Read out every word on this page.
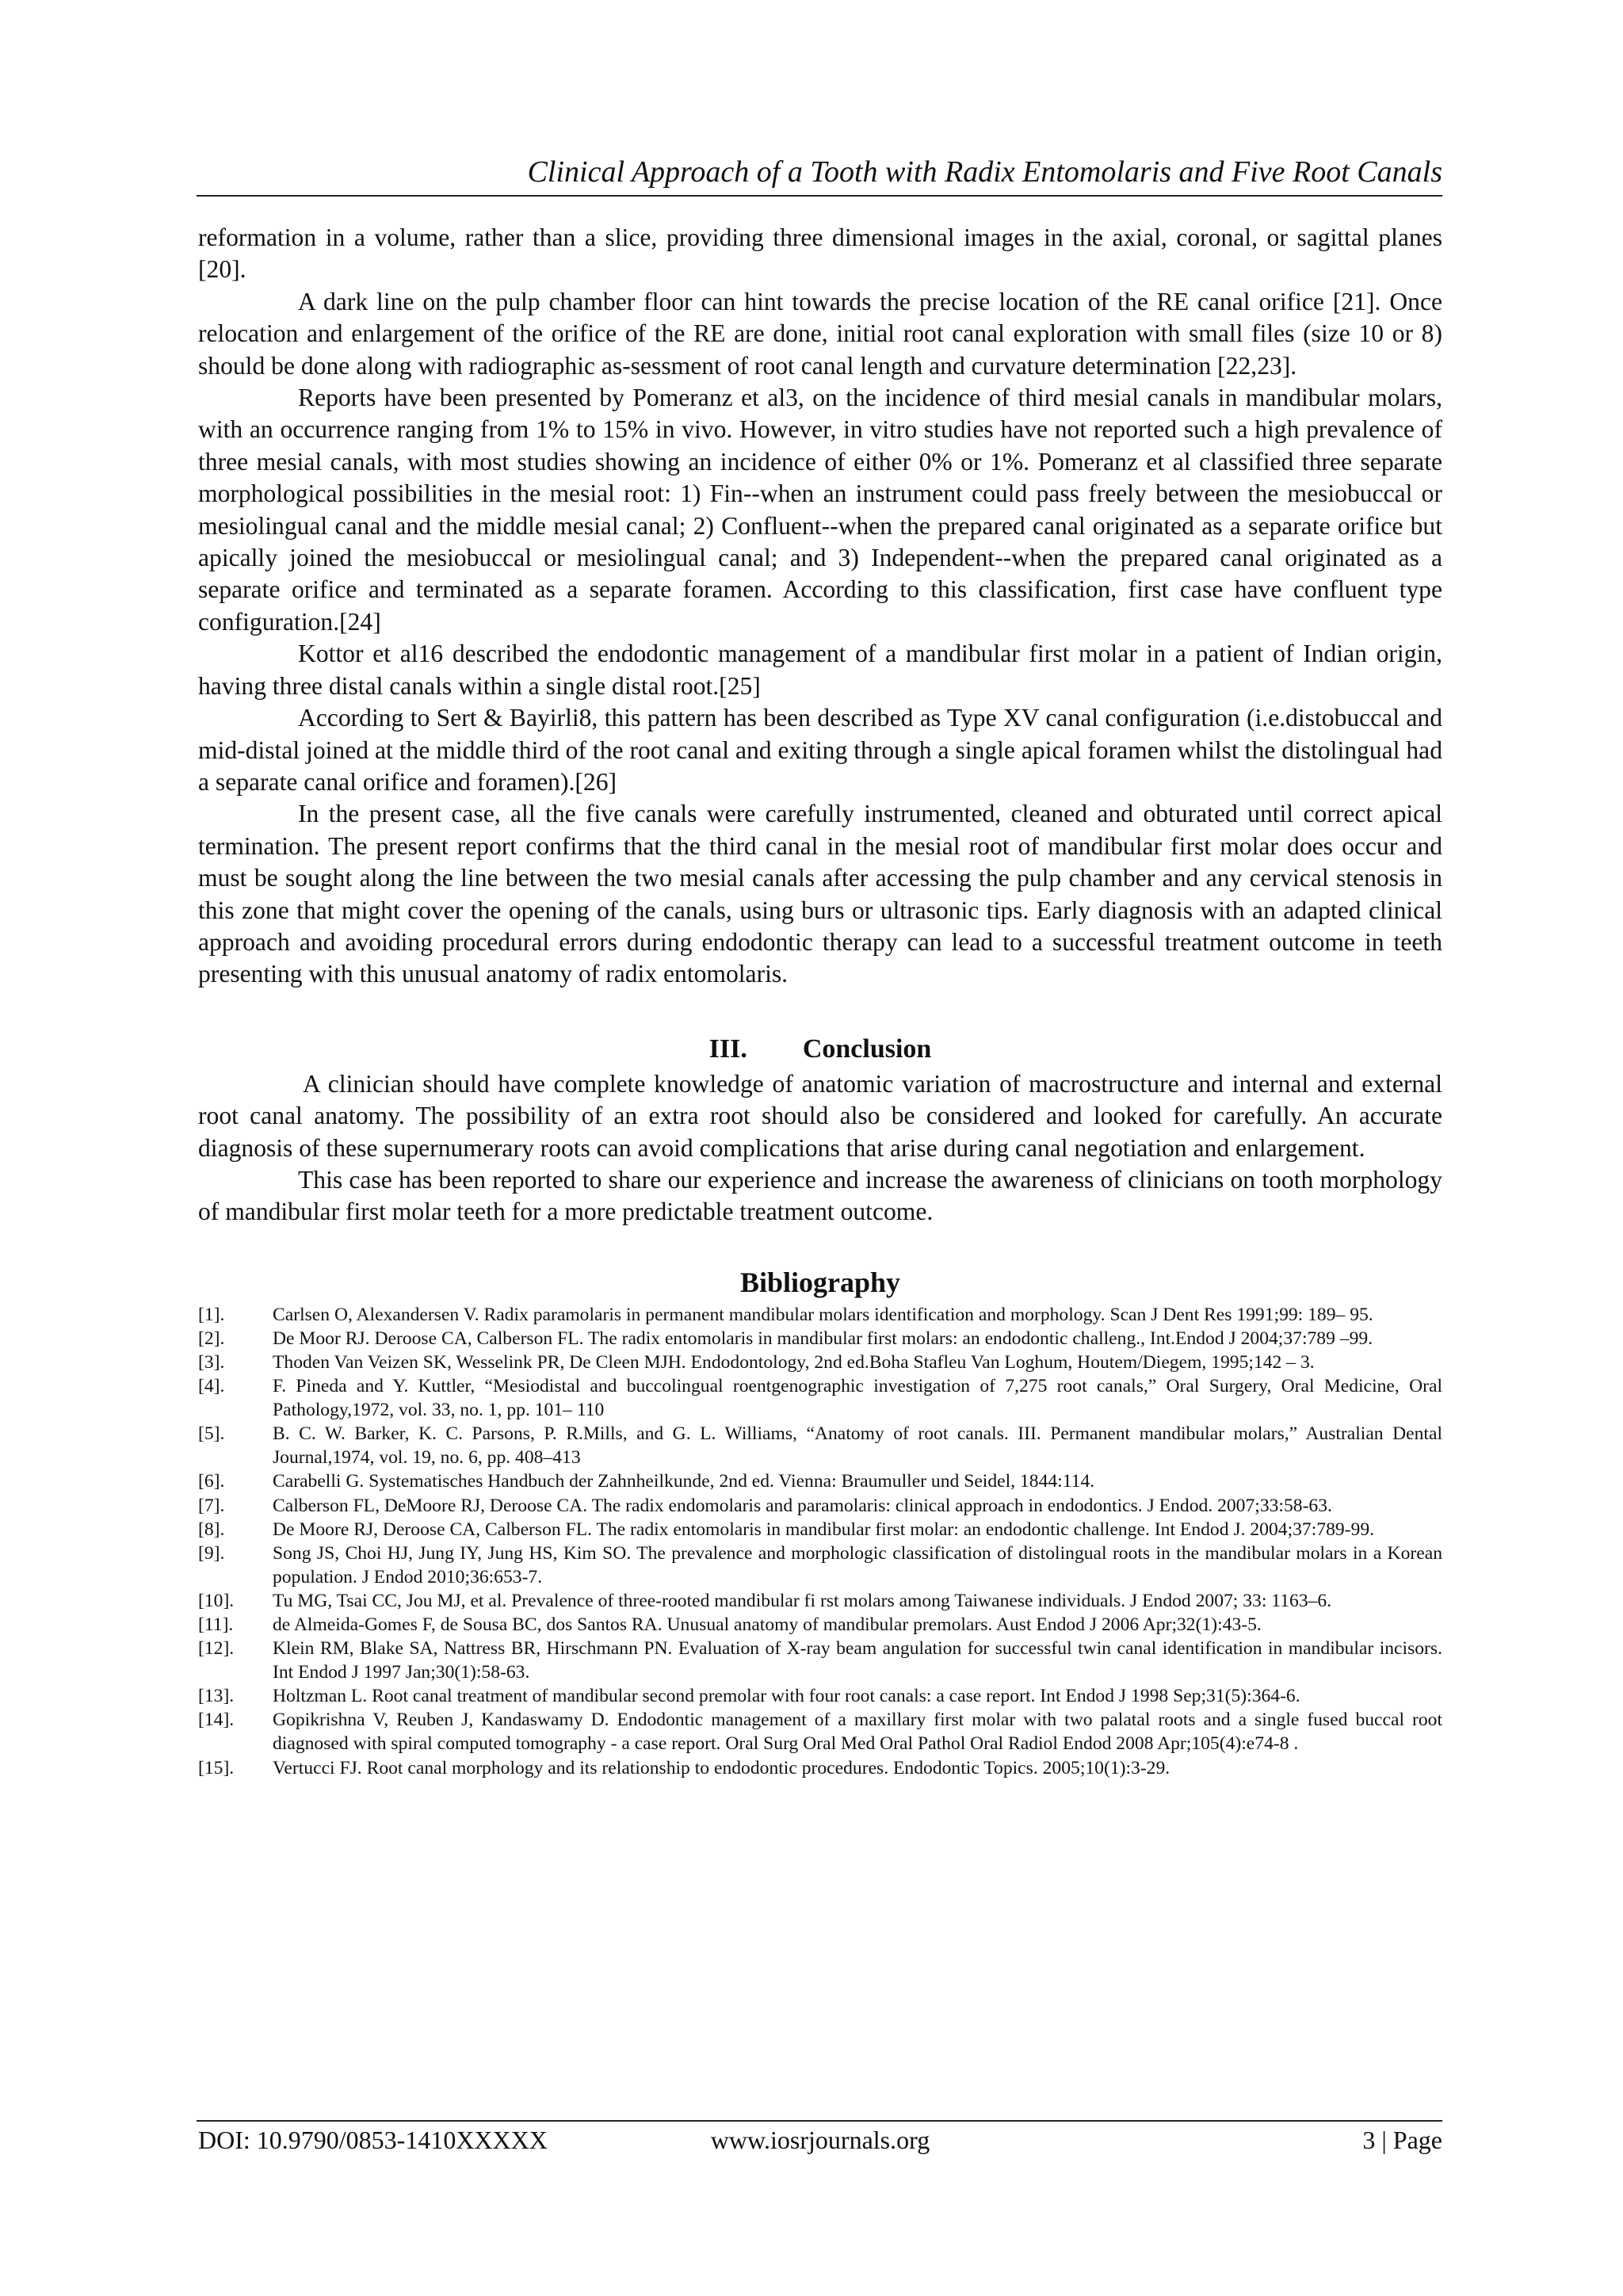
Clinical Approach of a Tooth with Radix Entomolaris and Five Root Canals

reformation in a volume, rather than a slice, providing three dimensional images in the axial, coronal, or sagittal planes [20].

A dark line on the pulp chamber floor can hint towards the precise location of the RE canal orifice [21]. Once relocation and enlargement of the orifice of the RE are done, initial root canal exploration with small files (size 10 or 8) should be done along with radiographic as-sessment of root canal length and curvature determination [22,23].

Reports have been presented by Pomeranz et al3, on the incidence of third mesial canals in mandibular molars, with an occurrence ranging from 1% to 15% in vivo. However, in vitro studies have not reported such a high prevalence of three mesial canals, with most studies showing an incidence of either 0% or 1%. Pomeranz et al classified three separate morphological possibilities in the mesial root: 1) Fin--when an instrument could pass freely between the mesiobuccal or mesiolingual canal and the middle mesial canal; 2) Confluent--when the prepared canal originated as a separate orifice but apically joined the mesiobuccal or mesiolingual canal; and 3) Independent--when the prepared canal originated as a separate orifice and terminated as a separate foramen. According to this classification, first case have confluent type configuration.[24]

Kottor et al16 described the endodontic management of a mandibular first molar in a patient of Indian origin, having three distal canals within a single distal root.[25]

According to Sert & Bayirli8, this pattern has been described as Type XV canal configuration (i.e.distobuccal and mid-distal joined at the middle third of the root canal and exiting through a single apical foramen whilst the distolingual had a separate canal orifice and foramen).[26]

In the present case, all the five canals were carefully instrumented, cleaned and obturated until correct apical termination. The present report confirms that the third canal in the mesial root of mandibular first molar does occur and must be sought along the line between the two mesial canals after accessing the pulp chamber and any cervical stenosis in this zone that might cover the opening of the canals, using burs or ultrasonic tips. Early diagnosis with an adapted clinical approach and avoiding procedural errors during endodontic therapy can lead to a successful treatment outcome in teeth presenting with this unusual anatomy of radix entomolaris.

III. Conclusion

A clinician should have complete knowledge of anatomic variation of macrostructure and internal and external root canal anatomy. The possibility of an extra root should also be considered and looked for carefully. An accurate diagnosis of these supernumerary roots can avoid complications that arise during canal negotiation and enlargement.

This case has been reported to share our experience and increase the awareness of clinicians on tooth morphology of mandibular first molar teeth for a more predictable treatment outcome.

Bibliography
[1].	Carlsen O, Alexandersen V. Radix paramolaris in permanent mandibular molars identification and morphology. Scan J Dent Res 1991;99: 189– 95.
[2].	De Moor RJ. Deroose CA, Calberson FL. The radix entomolaris in mandibular first molars: an endodontic challeng., Int.Endod J 2004;37:789 –99.
[3].	Thoden Van Veizen SK, Wesselink PR, De Cleen MJH. Endodontology, 2nd ed.Boha Stafleu Van Loghum, Houtem/Diegem, 1995;142 – 3.
[4].	F. Pineda and Y. Kuttler, “Mesiodistal and buccolingual roentgenographic investigation of 7,275 root canals,” Oral Surgery, Oral Medicine, Oral Pathology,1972, vol. 33, no. 1, pp. 101– 110
[5].	B. C. W. Barker, K. C. Parsons, P. R.Mills, and G. L. Williams, “Anatomy of root canals. III. Permanent mandibular molars,” Australian Dental Journal,1974, vol. 19, no. 6, pp. 408–413
[6].	Carabelli G. Systematisches Handbuch der Zahnheilkunde, 2nd ed. Vienna: Braumuller und Seidel, 1844:114.
[7].	Calberson FL, DeMoore RJ, Deroose CA. The radix endomolaris and paramolaris: clinical approach in endodontics. J Endod. 2007;33:58-63.
[8].	De Moore RJ, Deroose CA, Calberson FL. The radix entomolaris in mandibular first molar: an endodontic challenge. Int Endod J. 2004;37:789-99.
[9].	Song JS, Choi HJ, Jung IY, Jung HS, Kim SO. The prevalence and morphologic classification of distolingual roots in the mandibular molars in a Korean population. J Endod 2010;36:653-7.
[10].	Tu MG, Tsai CC, Jou MJ, et al. Prevalence of three-rooted mandibular fi rst molars among Taiwanese individuals. J Endod 2007; 33: 1163–6.
[11].	de Almeida-Gomes F, de Sousa BC, dos Santos RA. Unusual anatomy of mandibular premolars. Aust Endod J 2006 Apr;32(1):43-5.
[12].	Klein RM, Blake SA, Nattress BR, Hirschmann PN. Evaluation of X-ray beam angulation for successful twin canal identification in mandibular incisors. Int Endod J 1997 Jan;30(1):58-63.
[13].	Holtzman L. Root canal treatment of mandibular second premolar with four root canals: a case report. Int Endod J 1998 Sep;31(5):364-6.
[14].	Gopikrishna V, Reuben J, Kandaswamy D. Endodontic management of a maxillary first molar with two palatal roots and a single fused buccal root diagnosed with spiral computed tomography - a case report. Oral Surg Oral Med Oral Pathol Oral Radiol Endod 2008 Apr;105(4):e74-8 .
[15].	Vertucci FJ. Root canal morphology and its relationship to endodontic procedures. Endodontic Topics. 2005;10(1):3-29.
DOI: 10.9790/0853-1410XXXXX	www.iosrjournals.org	3 | Page
